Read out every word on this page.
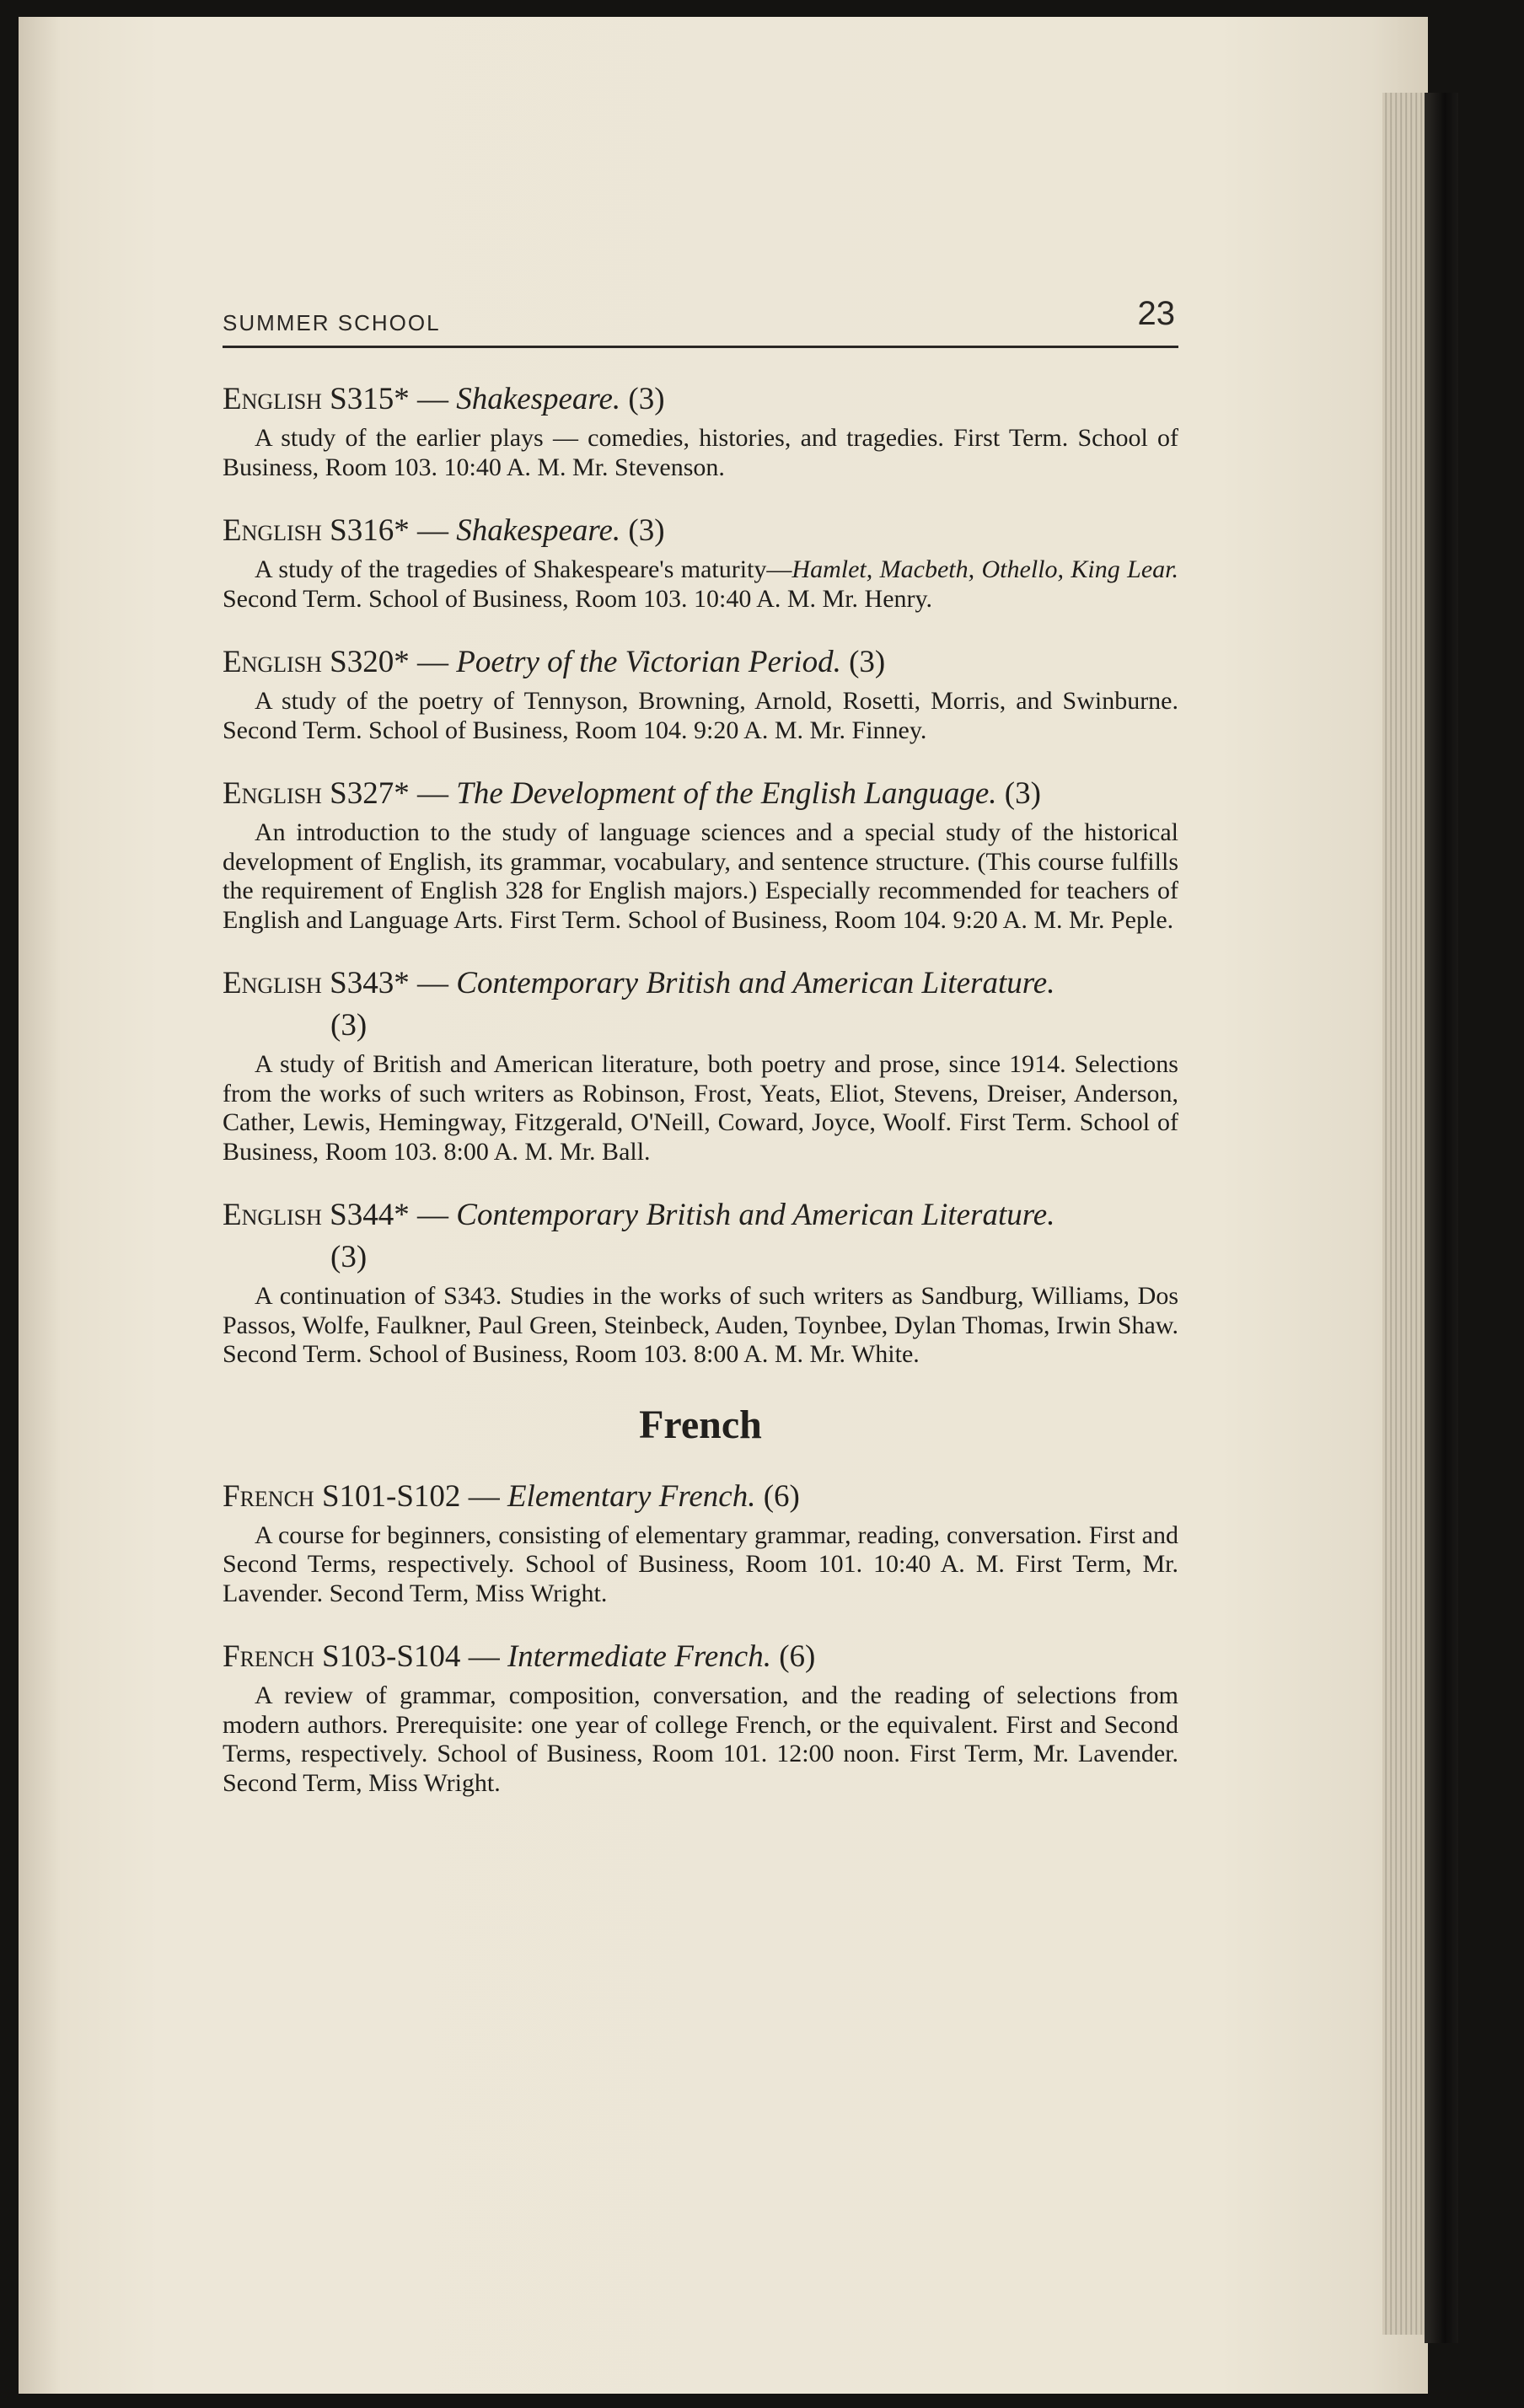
SUMMER SCHOOL	23
English S315* — Shakespeare. (3)
A study of the earlier plays — comedies, histories, and tragedies. First Term. School of Business, Room 103. 10:40 A. M. Mr. Stevenson.
English S316* — Shakespeare. (3)
A study of the tragedies of Shakespeare's maturity—Hamlet, Macbeth, Othello, King Lear. Second Term. School of Business, Room 103. 10:40 A. M. Mr. Henry.
English S320* — Poetry of the Victorian Period. (3)
A study of the poetry of Tennyson, Browning, Arnold, Rosetti, Morris, and Swinburne. Second Term. School of Business, Room 104. 9:20 A. M. Mr. Finney.
English S327* — The Development of the English Language. (3)
An introduction to the study of language sciences and a special study of the historical development of English, its grammar, vocabulary, and sentence structure. (This course fulfills the requirement of English 328 for English majors.) Especially recommended for teachers of English and Language Arts. First Term. School of Business, Room 104. 9:20 A. M. Mr. Peple.
English S343* — Contemporary British and American Literature.
(3)
A study of British and American literature, both poetry and prose, since 1914. Selections from the works of such writers as Robinson, Frost, Yeats, Eliot, Stevens, Dreiser, Anderson, Cather, Lewis, Hemingway, Fitzgerald, O'Neill, Coward, Joyce, Woolf. First Term. School of Business, Room 103. 8:00 A. M. Mr. Ball.
English S344* — Contemporary British and American Literature.
(3)
A continuation of S343. Studies in the works of such writers as Sandburg, Williams, Dos Passos, Wolfe, Faulkner, Paul Green, Steinbeck, Auden, Toynbee, Dylan Thomas, Irwin Shaw. Second Term. School of Business, Room 103. 8:00 A. M. Mr. White.
French
French S101-S102 — Elementary French. (6)
A course for beginners, consisting of elementary grammar, reading, conversation. First and Second Terms, respectively. School of Business, Room 101. 10:40 A. M. First Term, Mr. Lavender. Second Term, Miss Wright.
French S103-S104 — Intermediate French. (6)
A review of grammar, composition, conversation, and the reading of selections from modern authors. Prerequisite: one year of college French, or the equivalent. First and Second Terms, respectively. School of Business, Room 101. 12:00 noon. First Term, Mr. Lavender. Second Term, Miss Wright.
